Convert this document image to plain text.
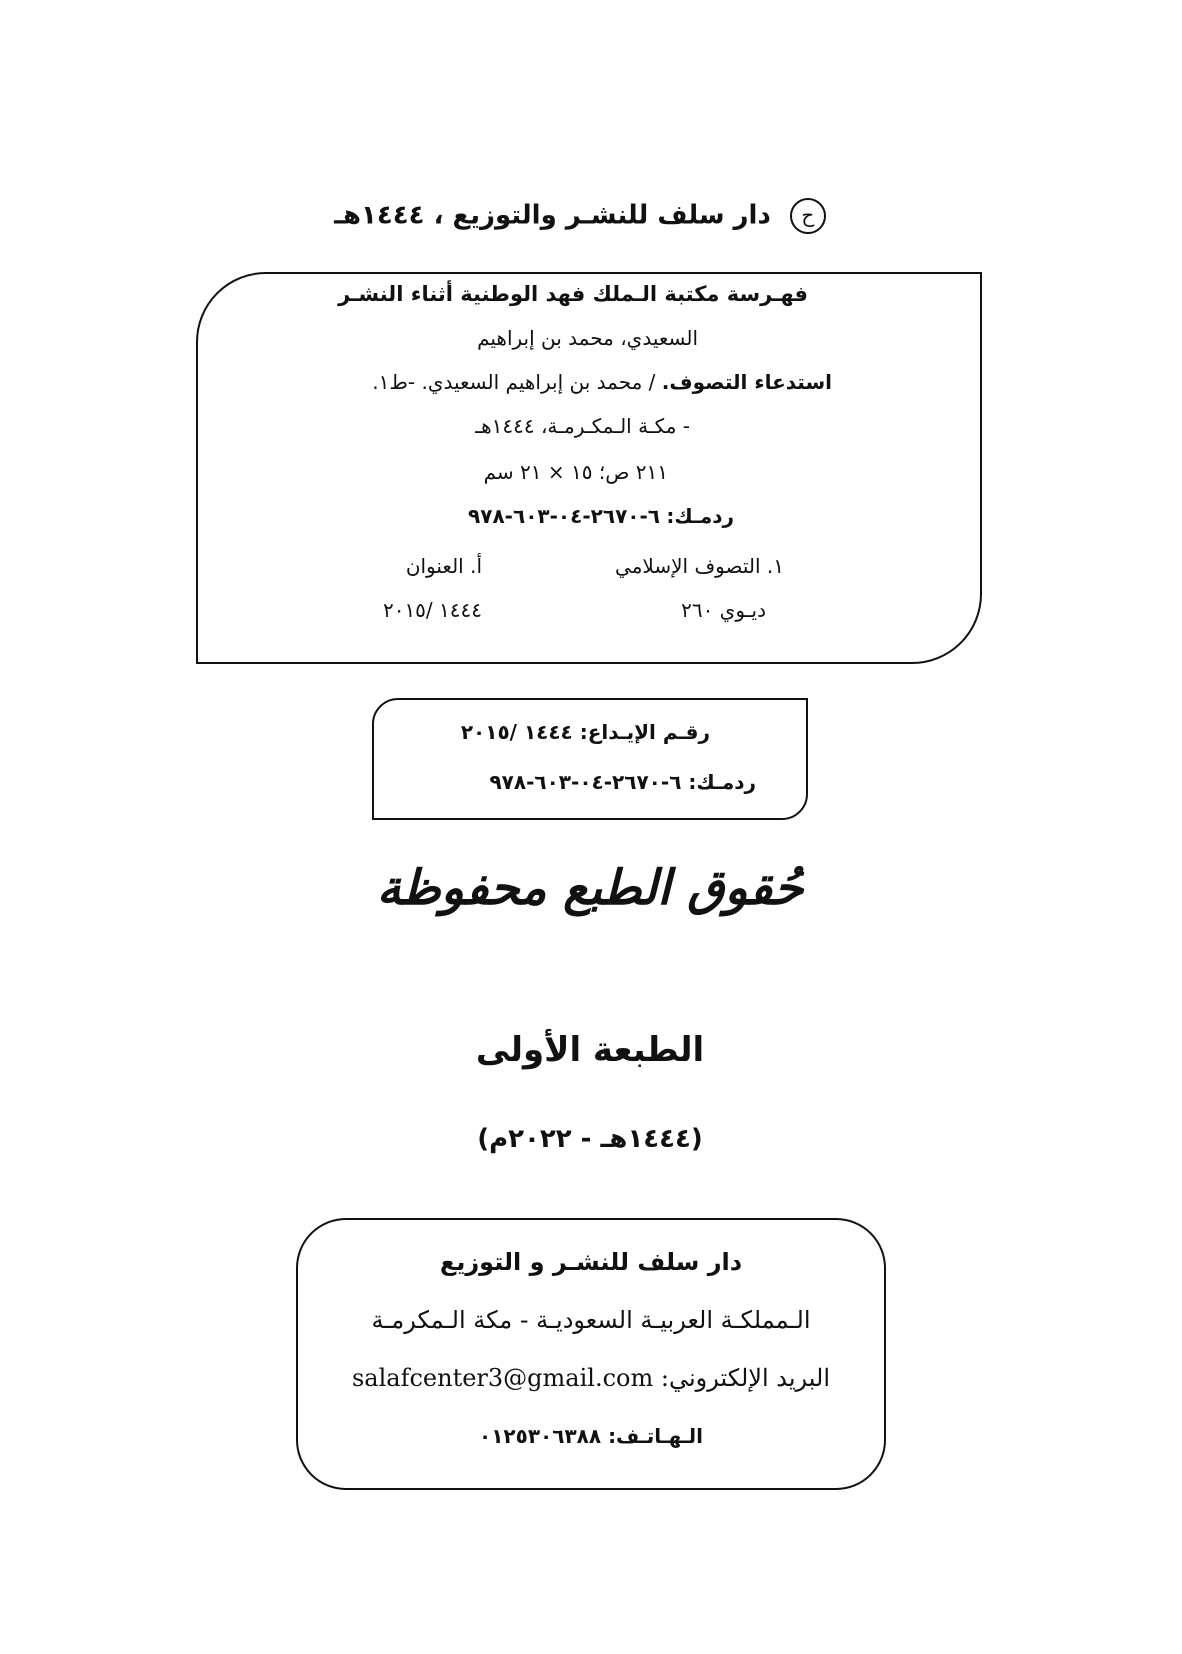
ح دار سلف للنشـر والتوزيع ، ١٤٤٤هـ
فهـرسة مكتبة الـملك فهد الوطنية أثناء النشـر
السعيدي، محمد بن إبراهيم
استدعاء التصوف. / محمد بن إبراهيم السعيدي. -ط١.
- مكـة الـمكـرمـة، ١٤٤٤هـ
٢١١ ص؛ ١٥ × ٢١ سم
ردمـك: ٦-٢٦٧٠-٠٤-٦٠٣-٩٧٨
١. التصوف الإسلامي
أ. العنوان
ديـوي ٢٦٠
١٤٤٤ /٢٠١٥
رقـم الإيـداع: ١٤٤٤ /٢٠١٥
ردمـك: ٦-٢٦٧٠-٠٤-٦٠٣-٩٧٨
حُقوق الطبع محفوظة
الطبعة الأولى
(١٤٤٤هـ - ٢٠٢٢م)
دار سلف للنشـر و التوزيع
الـمملكـة العربيـة السعوديـة - مكة الـمكرمـة
البريد الإلكتروني: salafcenter3@gmail.com
الـهـاتـف: ٠١٢٥٣٠٦٣٨٨
